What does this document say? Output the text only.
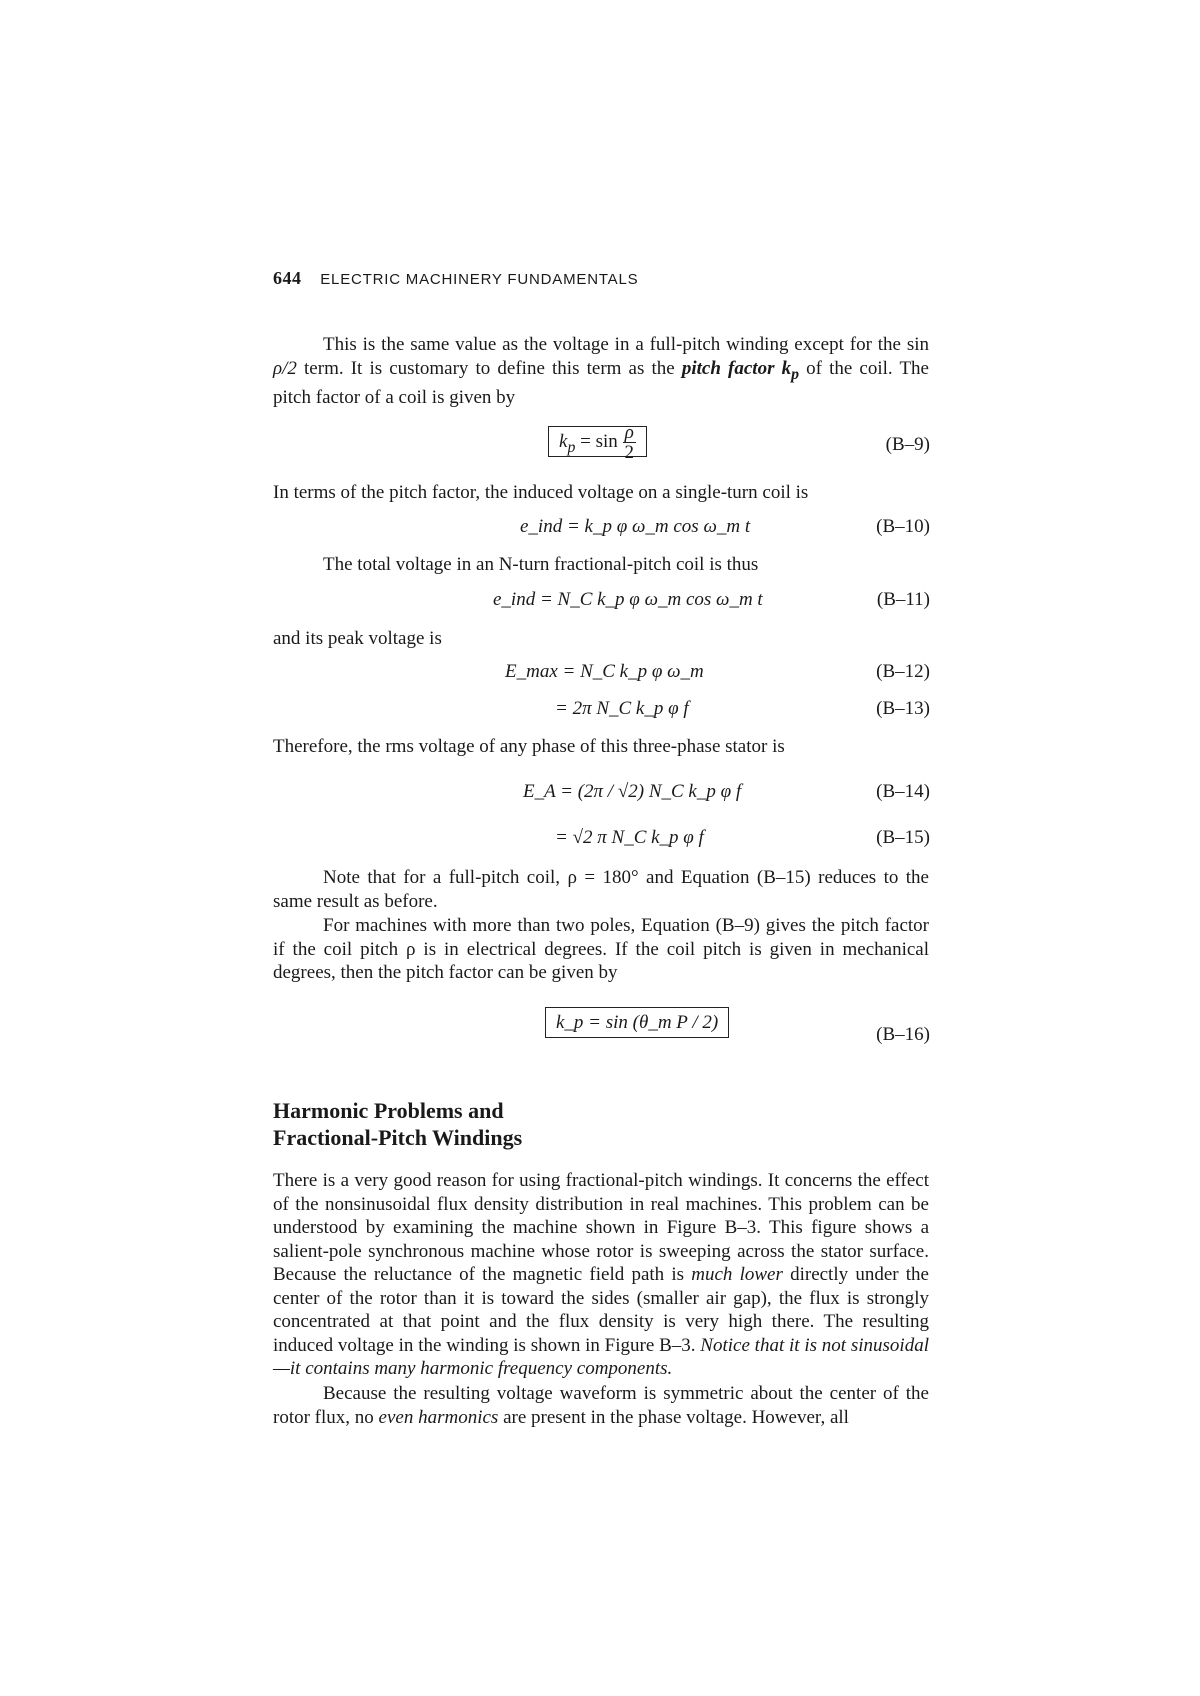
644 ELECTRIC MACHINERY FUNDAMENTALS

This is the same value as the voltage in a full-pitch winding except for the sin ρ/2 term. It is customary to define this term as the pitch factor $k_p$ of the coil. The pitch factor of a coil is given by

$k_p = \sin \frac{\rho}{2}$	(B–9)

In terms of the pitch factor, the induced voltage on a single-turn coil is

e_ind = k_p φ ω_m cos ω_m t	(B–10)

The total voltage in an N-turn fractional-pitch coil is thus

e_ind = N_C k_p φ ω_m cos ω_m t	(B–11)

and its peak voltage is

E_max = N_C k_p φ ω_m	(B–12)
= 2π N_C k_p φ f	(B–13)

Therefore, the rms voltage of any phase of this three-phase stator is

E_A = (2π / √2) N_C k_p φ f	(B–14)
= √2 π N_C k_p φ f	(B–15)

Note that for a full-pitch coil, ρ = 180° and Equation (B–15) reduces to the same result as before.

For machines with more than two poles, Equation (B–9) gives the pitch factor if the coil pitch ρ is in electrical degrees. If the coil pitch is given in mechanical degrees, then the pitch factor can be given by

k_p = sin (θ_m P / 2)
(B–16)
Harmonic Problems and
Fractional-Pitch Windings

There is a very good reason for using fractional-pitch windings. It concerns the effect of the nonsinusoidal flux density distribution in real machines. This problem can be understood by examining the machine shown in Figure B–3. This figure shows a salient-pole synchronous machine whose rotor is sweeping across the stator surface. Because the reluctance of the magnetic field path is much lower directly under the center of the rotor than it is toward the sides (smaller air gap), the flux is strongly concentrated at that point and the flux density is very high there. The resulting induced voltage in the winding is shown in Figure B–3. Notice that it is not sinusoidal—it contains many harmonic frequency components.

Because the resulting voltage waveform is symmetric about the center of the rotor flux, no even harmonics are present in the phase voltage. However, all
